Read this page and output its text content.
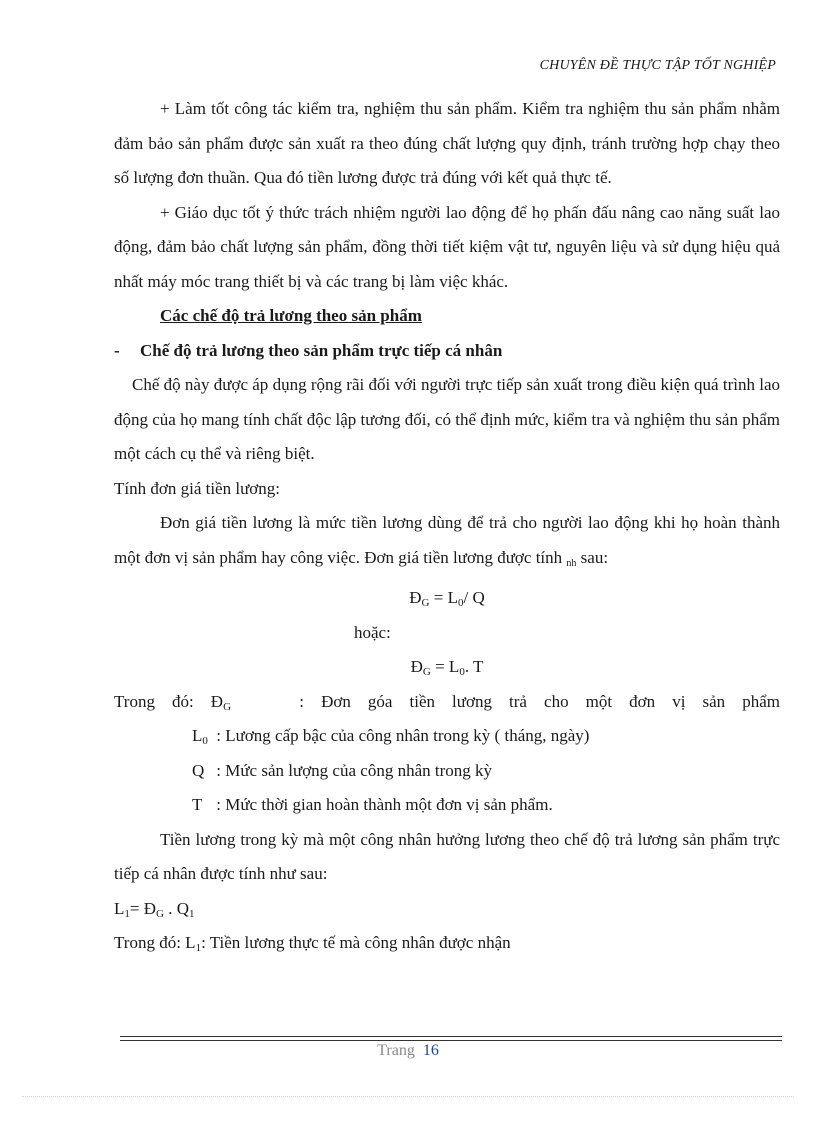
CHUYÊN ĐỀ THỰC TẬP TỐT NGHIỆP

+ Làm tốt công tác kiểm tra, nghiệm thu sản phẩm. Kiểm tra nghiệm thu sản phẩm nhằm đảm bảo sản phẩm được sản xuất ra theo đúng chất lượng quy định, tránh trường hợp chạy theo số lượng đơn thuần. Qua đó tiền lương được trả đúng với kết quả thực tế.

+ Giáo dục tốt ý thức trách nhiệm người lao động để họ phấn đấu nâng cao năng suất lao động, đảm bảo chất lượng sản phẩm, đồng thời tiết kiệm vật tư, nguyên liệu và sử dụng hiệu quả nhất máy móc trang thiết bị và các trang bị làm việc khác.

Các chế độ trả lương theo sản phẩm
- Chế độ trả lương theo sản phẩm trực tiếp cá nhân

Chế độ này được áp dụng rộng rãi đối với người trực tiếp sản xuất trong điều kiện quá trình lao động của họ mang tính chất độc lập tương đối, có thể định mức, kiểm tra và nghiệm thu sản phẩm một cách cụ thể và riêng biệt.

Tính đơn giá tiền lương:

Đơn giá tiền lương là mức tiền lương dùng để trả cho người lao động khi họ hoàn thành một đơn vị sản phẩm hay công việc. Đơn giá tiền lương được tính nh sau:

$Đ_G = L_0/$ Q
hoặc:
$Đ_G = L_0$. T
Trong đó: $Đ_G$	: Đơn góa tiền lương trả cho một đơn vị sản phẩm
$L_0$ : Lương cấp bậc của công nhân trong kỳ ( tháng, ngày)
Q : Mức sản lượng của công nhân trong kỳ
T : Mức thời gian hoàn thành một đơn vị sản phẩm.

Tiền lương trong kỳ mà một công nhân hưởng lương theo chế độ trả lương sản phẩm trực tiếp cá nhân được tính như sau:

$L_1=$ $Đ_G$ . $Q_1$
Trong đó: $L_1$: Tiền lương thực tế mà công nhân được nhận
Trang 16
